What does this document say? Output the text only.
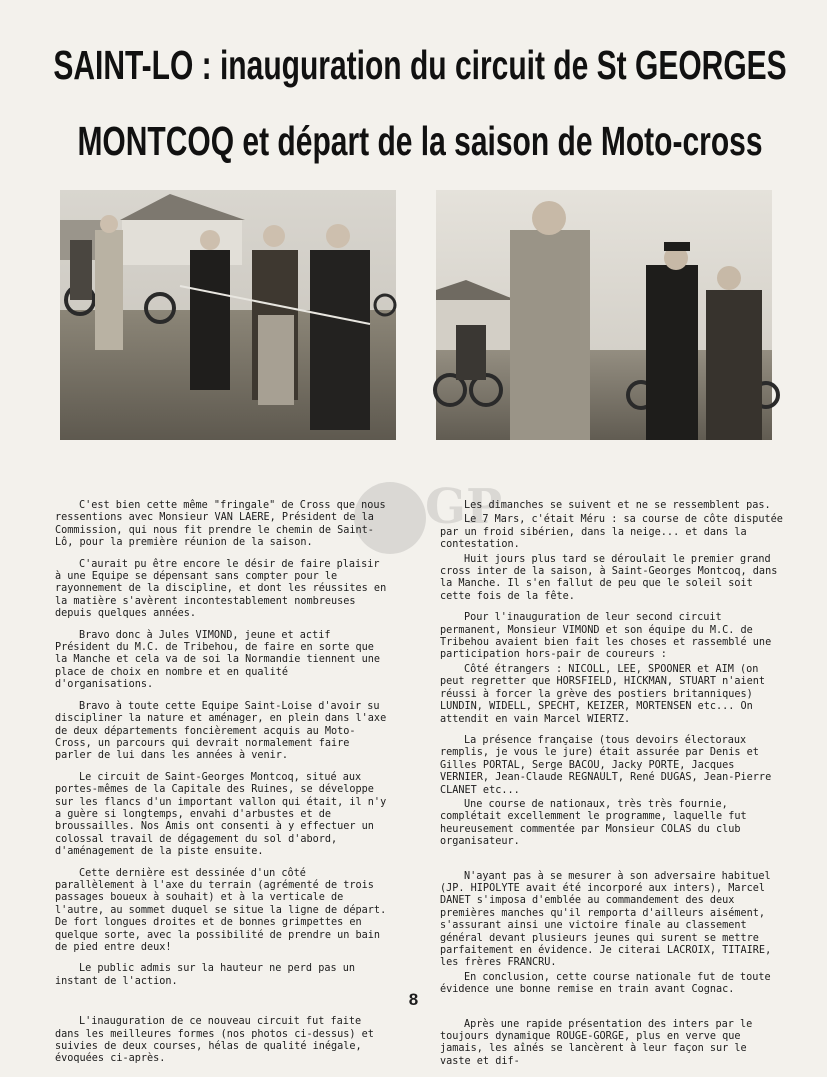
SAINT-LO : inauguration du circuit de St GEORGES
MONTCOQ et départ de la saison de Moto-cross
GP

C'est bien cette même "fringale" de Cross que nous ressentions avec Monsieur VAN LAERE, Président de la Commission, qui nous fit prendre le chemin de Saint-Lô, pour la première réunion de la saison.

C'aurait pu être encore le désir de faire plaisir à une Equipe se dépensant sans compter pour le rayonnement de la discipline, et dont les réussites en la matière s'avèrent incontestablement nombreuses depuis quelques années.

Bravo donc à Jules VIMOND, jeune et actif Président du M.C. de Tribehou, de faire en sorte que la Manche et cela va de soi la Normandie tiennent une place de choix en nombre et en qualité d'organisations.

Bravo à toute cette Equipe Saint-Loise d'avoir su discipliner la nature et aménager, en plein dans l'axe de deux départements foncièrement acquis au Moto-Cross, un parcours qui devrait normalement faire parler de lui dans les années à venir.

Le circuit de Saint-Georges Montcoq, situé aux portes-mêmes de la Capitale des Ruines, se développe sur les flancs d'un important vallon qui était, il n'y a guère si longtemps, envahi d'arbustes et de broussailles. Nos Amis ont consenti à y effectuer un colossal travail de dégagement du sol d'abord, d'aménagement de la piste ensuite.

Cette dernière est dessinée d'un côté parallèlement à l'axe du terrain (agrémenté de trois passages boueux à souhait) et à la verticale de l'autre, au sommet duquel se situe la ligne de départ. De fort longues droites et de bonnes grimpettes en quelque sorte, avec la possibilité de prendre un bain de pied entre deux!

Le public admis sur la hauteur ne perd pas un instant de l'action.

L'inauguration de ce nouveau circuit fut faite dans les meilleures formes (nos photos ci-dessus) et suivies de deux courses, hélas de qualité inégale, évoquées ci-après.

Les dimanches se suivent et ne se ressemblent pas.

Le 7 Mars, c'était Méru : sa course de côte disputée par un froid sibérien, dans la neige... et dans la contestation.

Huit jours plus tard se déroulait le premier grand cross inter de la saison, à Saint-Georges Montcoq, dans la Manche. Il s'en fallut de peu que le soleil soit cette fois de la fête.

Pour l'inauguration de leur second circuit permanent, Monsieur VIMOND et son équipe du M.C. de Tribehou avaient bien fait les choses et rassemblé une participation hors-pair de coureurs :

Côté étrangers : NICOLL, LEE, SPOONER et AIM (on peut regretter que HORSFIELD, HICKMAN, STUART n'aient réussi à forcer la grève des postiers britanniques) LUNDIN, WIDELL, SPECHT, KEIZER, MORTENSEN etc... On attendit en vain Marcel WIERTZ.

La présence française (tous devoirs électoraux remplis, je vous le jure) était assurée par Denis et Gilles PORTAL, Serge BACOU, Jacky PORTE, Jacques VERNIER, Jean-Claude REGNAULT, René DUGAS, Jean-Pierre CLANET etc...

Une course de nationaux, très très fournie, complétait excellemment le programme, laquelle fut heureusement commentée par Monsieur COLAS du club organisateur.

N'ayant pas à se mesurer à son adversaire habituel (JP. HIPOLYTE avait été incorporé aux inters), Marcel DANET s'imposa d'emblée au commandement des deux premières manches qu'il remporta d'ailleurs aisément, s'assurant ainsi une victoire finale au classement général devant plusieurs jeunes qui surent se mettre parfaitement en évidence. Je citerai LACROIX, TITAIRE, les frères FRANCRU.

En conclusion, cette course nationale fut de toute évidence une bonne remise en train avant Cognac.

Après une rapide présentation des inters par le toujours dynamique ROUGE-GORGE, plus en verve que jamais, les aînés se lancèrent à leur façon sur le vaste et dif-

8
